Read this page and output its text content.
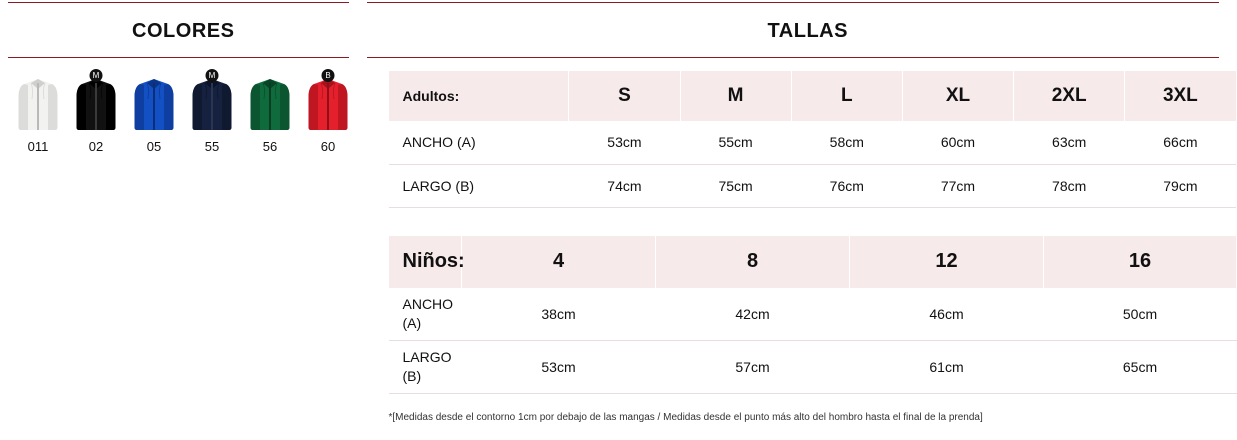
COLORES
011
M
02	05
M
55	56
B
60
TALLAS
Adultos:	S	M	L	XL	2XL	3XL
ANCHO (A)	53cm	55cm	58cm	60cm	63cm	66cm
LARGO (B)	74cm	75cm	76cm	77cm	78cm	79cm
Niños:	4	8	12	16
ANCHO (A)	38cm	42cm	46cm	50cm
LARGO (B)	53cm	57cm	61cm	65cm
*[Medidas desde el contorno 1cm por debajo de las mangas / Medidas desde el punto más alto del hombro hasta el final de la prenda]
